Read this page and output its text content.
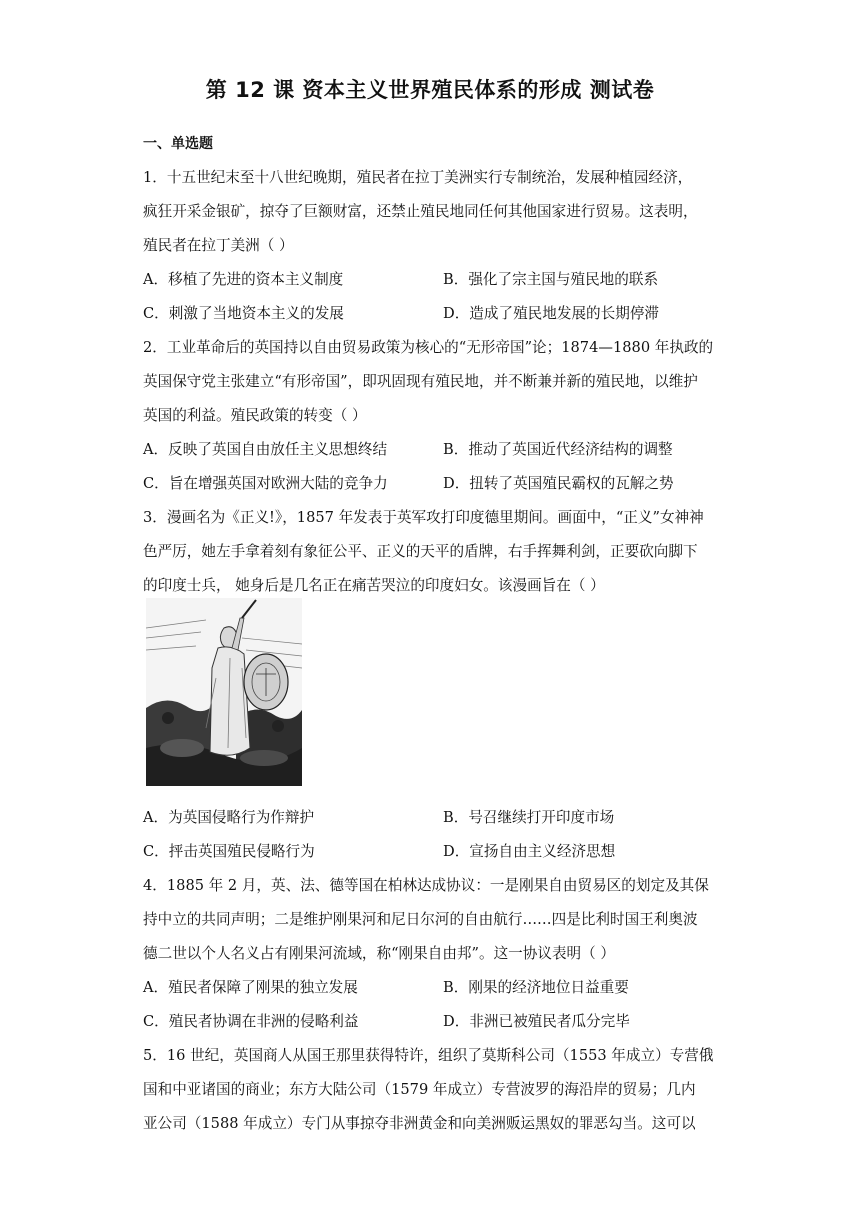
第 12 课 资本主义世界殖民体系的形成 测试卷
一、单选题
1．十五世纪末至十八世纪晚期，殖民者在拉丁美洲实行专制统治，发展种植园经济，
疯狂开采金银矿，掠夺了巨额财富，还禁止殖民地同任何其他国家进行贸易。这表明，
殖民者在拉丁美洲（ ）
A．移植了先进的资本主义制度	B．强化了宗主国与殖民地的联系
C．刺激了当地资本主义的发展	D．造成了殖民地发展的长期停滞
2．工业革命后的英国持以自由贸易政策为核心的“无形帝国”论；1874—1880 年执政的
英国保守党主张建立“有形帝国”，即巩固现有殖民地，并不断兼并新的殖民地，以维护
英国的利益。殖民政策的转变（ ）
A．反映了英国自由放任主义思想终结	B．推动了英国近代经济结构的调整
C．旨在增强英国对欧洲大陆的竞争力	D．扭转了英国殖民霸权的瓦解之势
3．漫画名为《正义!》，1857 年发表于英军攻打印度德里期间。画面中，“正义”女神神
色严厉，她左手拿着刻有象征公平、正义的天平的盾牌，右手挥舞利剑，正要砍向脚下
的印度士兵， 她身后是几名正在痛苦哭泣的印度妇女。该漫画旨在（ ）
A．为英国侵略行为作辩护	B．号召继续打开印度市场
C．抨击英国殖民侵略行为	D．宣扬自由主义经济思想
4．1885 年 2 月，英、法、德等国在柏林达成协议：一是刚果自由贸易区的划定及其保
持中立的共同声明；二是维护刚果河和尼日尔河的自由航行……四是比利时国王利奥波
德二世以个人名义占有刚果河流域，称“刚果自由邦”。这一协议表明（ ）
A．殖民者保障了刚果的独立发展	B．刚果的经济地位日益重要
C．殖民者协调在非洲的侵略利益	D．非洲已被殖民者瓜分完毕
5．16 世纪，英国商人从国王那里获得特许，组织了莫斯科公司（1553 年成立）专营俄
国和中亚诸国的商业；东方大陆公司（1579 年成立）专营波罗的海沿岸的贸易；几内
亚公司（1588 年成立）专门从事掠夺非洲黄金和向美洲贩运黑奴的罪恶勾当。这可以
